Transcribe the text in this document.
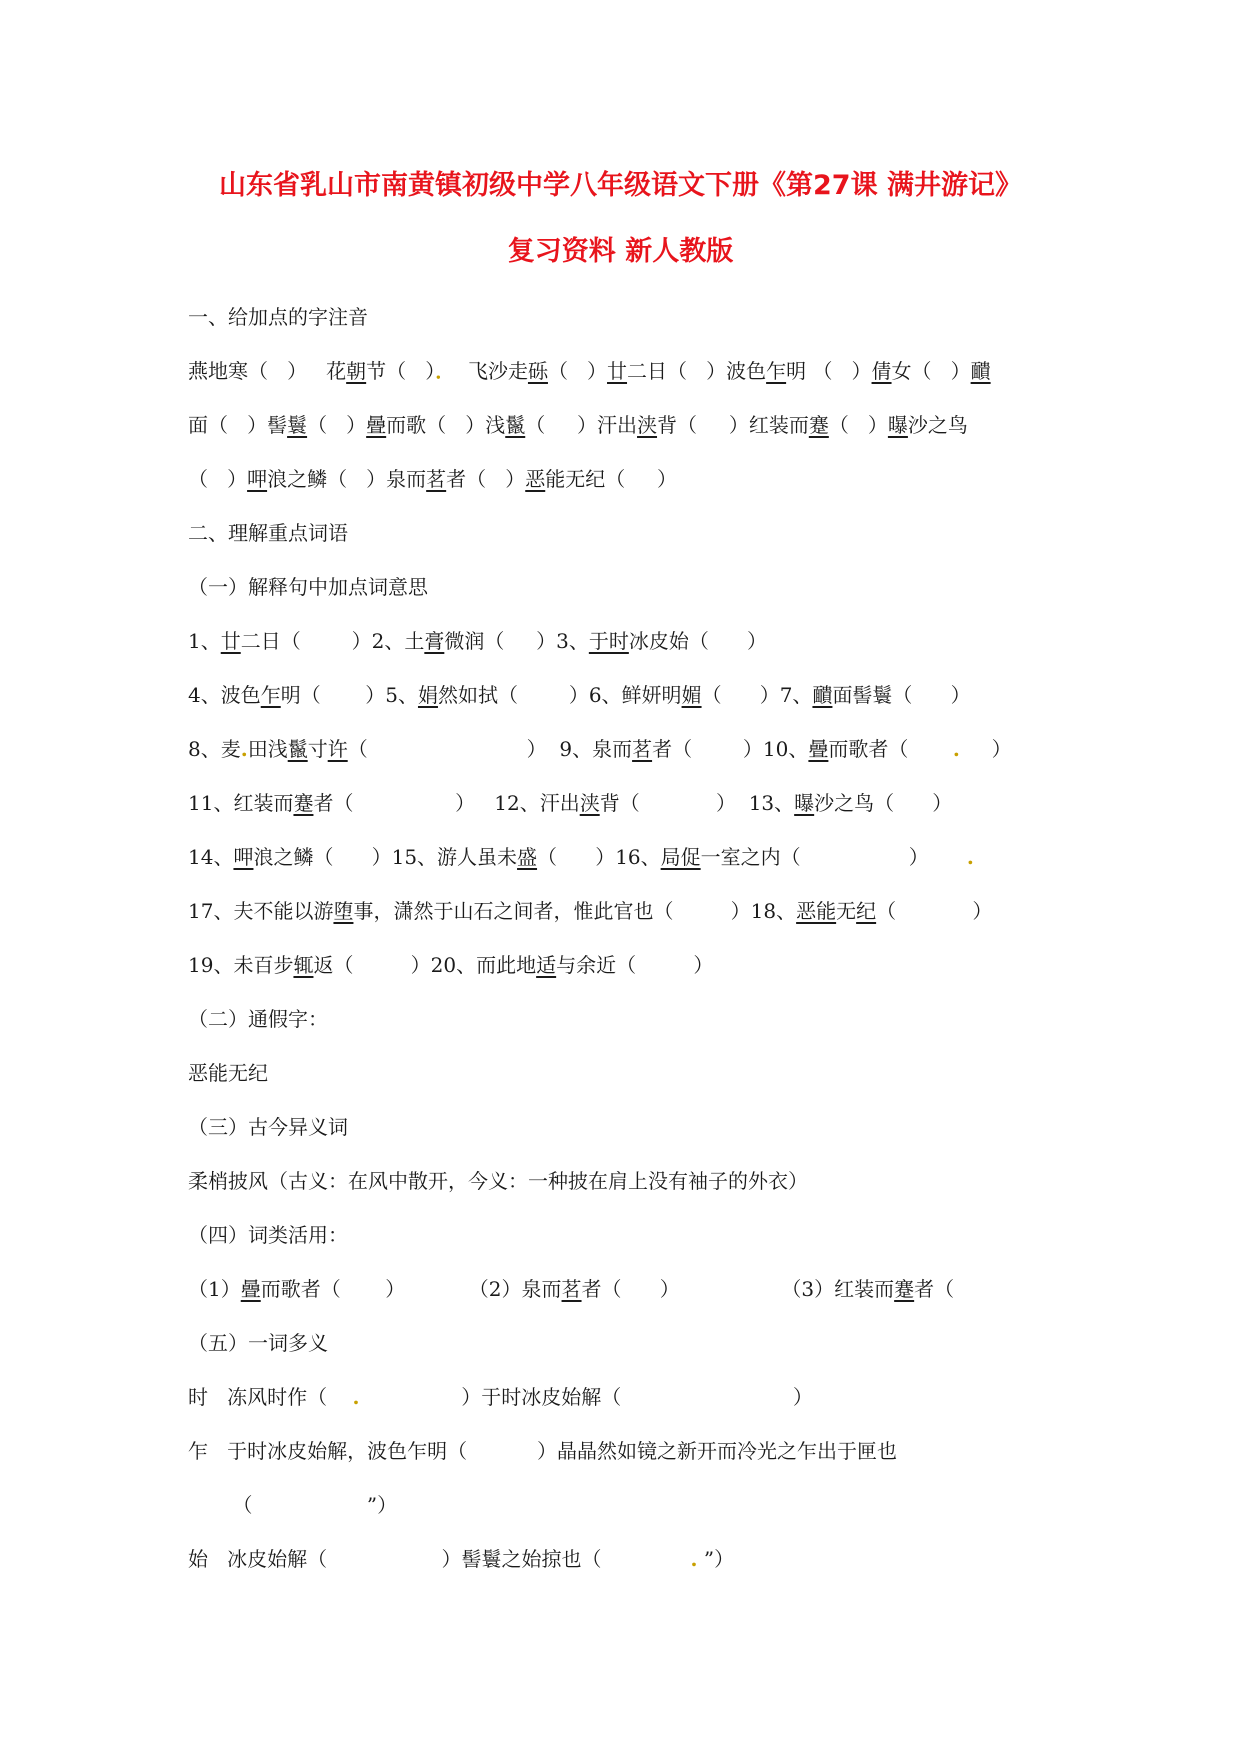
山东省乳山市南黄镇初级中学八年级语文下册《第27课 满井游记》
复习资料 新人教版
一、给加点的字注音
燕地寒（   ）   花朝节（   ）．  飞沙走砾（   ）廿二日（   ）波色乍明 （   ）倩女（   ）靧
面（   ）髻鬟（   ）曡而歌（   ）浅鬣（     ）汗出浃背（     ）红装而蹇（   ）曝沙之鸟
（   ）呷浪之鳞（   ）泉而茗者（   ）恶能无纪（     ）
二、理解重点词语
（一）解释句中加点词意思
1、廿二日（        ）2、土膏微润（     ）3、于时冰皮始（      ）
4、波色乍明（       ）5、娟然如拭（        ）6、鲜妍明媚（      ）7、靧面髻鬟（      ）
8、麦.田浅鬣寸许（                         ）  9、泉而茗者（        ）10、曡而歌者（       .     ）
11、红装而蹇者（                ）   12、汗出浃背（            ）  13、曝沙之鸟（      ）
14、呷浪之鳞（      ）15、游人虽未盛（      ）16、局促一室之内（                 ）      .
17、夫不能以游堕事，潇然于山石之间者，惟此官也（         ）18、恶能无纪（            ）
19、未百步辄返（         ）20、而此地适与余近（         ）
（二）通假字：
恶能无纪
（三）古今异义词
柔梢披风（古义：在风中散开，今义：一种披在肩上没有袖子的外衣）
（四）词类活用：
（1）曡而歌者（       ）          （2）泉而茗者（      ）                （3）红装而蹇者（
（五）一词多义
时   冻风时作（    .                ）于时冰皮始解（                           ）
乍   于时冰皮始解，波色乍明（           ）晶晶然如镜之新开而冷光之乍出于匣也
（                  ”）
始   冰皮始解（                  ）髻鬟之始掠也（              . ”）
